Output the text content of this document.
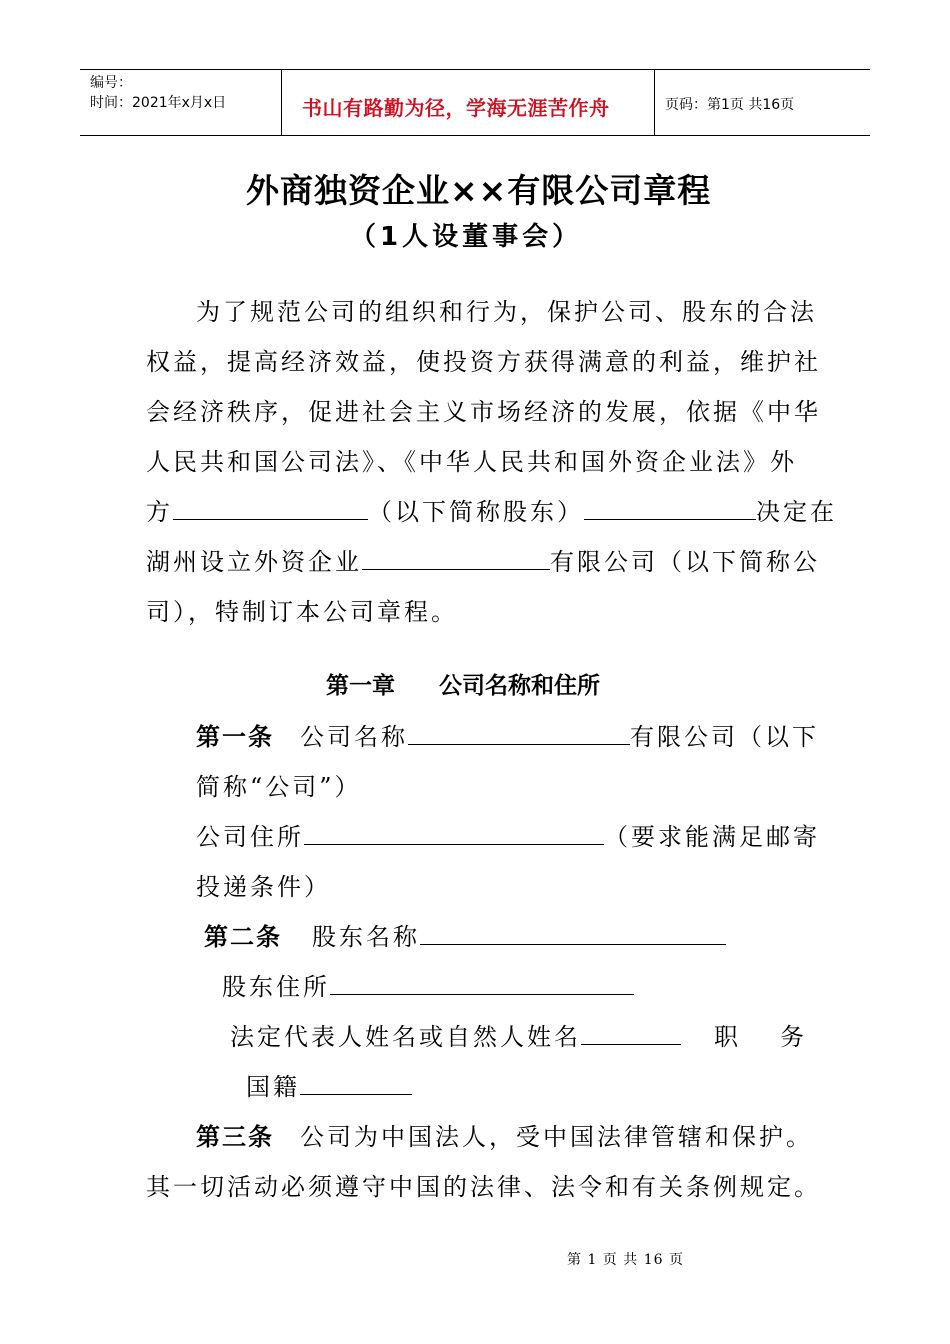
编号：
时间：2021年x月x日	书山有路勤为径，学海无涯苦作舟	页码：第1页 共16页
外商独资企业××有限公司章程
（1人设董事会）
为了规范公司的组织和行为，保护公司、股东的合法
权益，提高经济效益，使投资方获得满意的利益，维护社
会经济秩序，促进社会主义市场经济的发展，依据《中华
人民共和国公司法》、《中华人民共和国外资企业法》外
方	（以下简称股东）	决定在
湖州设立外资企业	有限公司（以下简称公
司），特制订本公司章程。
第一章 公司名称和住所
第一条 公司名称	有限公司（以下
简称“公司”）
公司住所	（要求能满足邮寄
投递条件）
第二条 股东名称
股东住所
法定代表人姓名或自然人姓名	职 务
国籍
第三条 公司为中国法人，受中国法律管辖和保护。
其一切活动必须遵守中国的法律、法令和有关条例规定。
第 1 页 共 16 页
